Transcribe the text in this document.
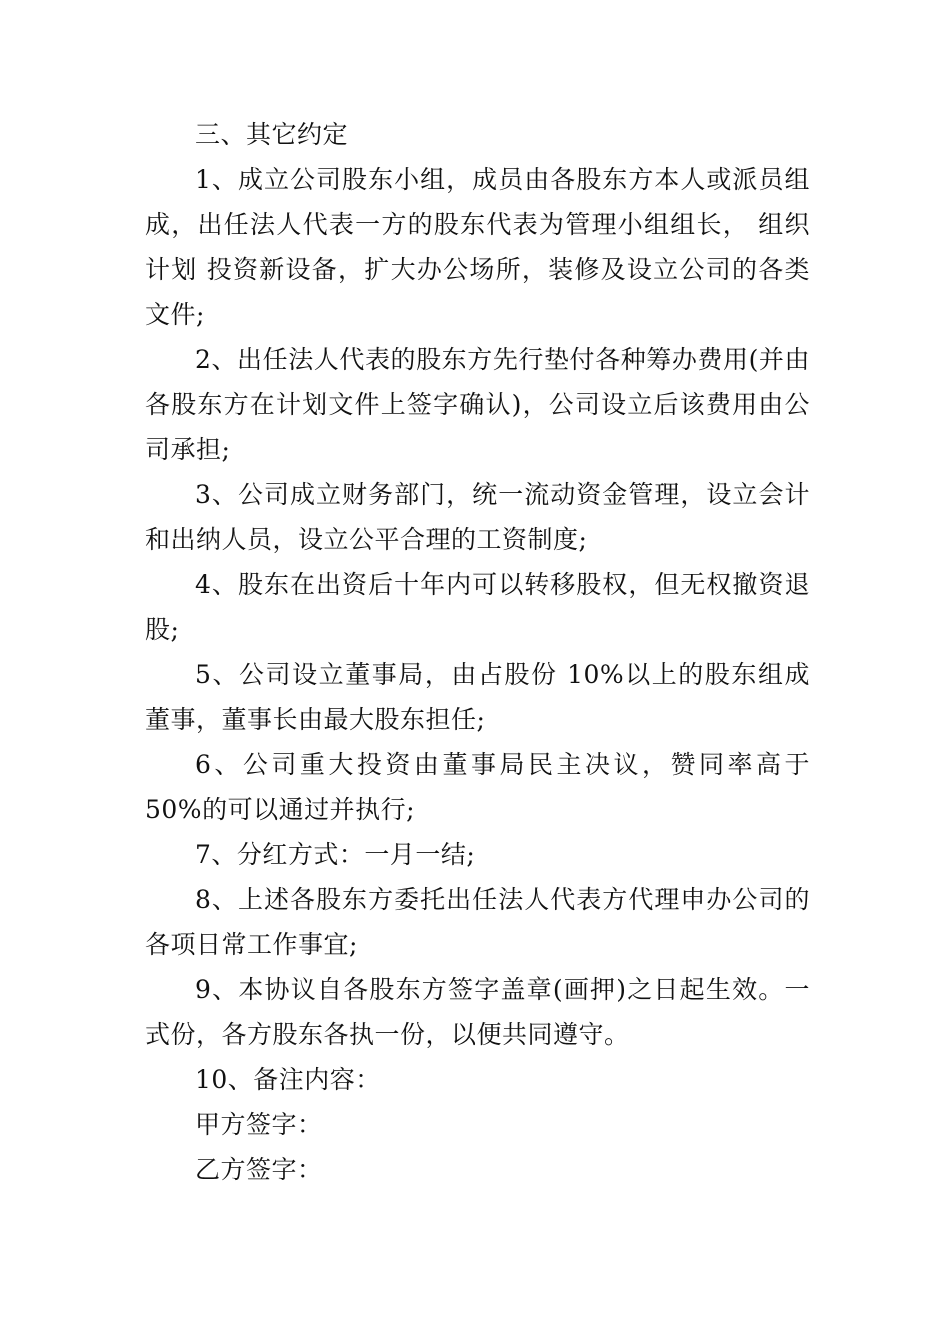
三、其它约定

1、成立公司股东小组，成员由各股东方本人或派员组成，出任法人代表一方的股东代表为管理小组组长， 组织计划 投资新设备，扩大办公场所，装修及设立公司的各类文件;

2、出任法人代表的股东方先行垫付各种筹办费用(并由各股东方在计划文件上签字确认)，公司设立后该费用由公司承担;

3、公司成立财务部门，统一流动资金管理，设立会计和出纳人员，设立公平合理的工资制度;

4、股东在出资后十年内可以转移股权，但无权撤资退股;

5、公司设立董事局，由占股份 10%以上的股东组成董事，董事长由最大股东担任;

6、公司重大投资由董事局民主决议，赞同率高于 50%的可以通过并执行;

7、分红方式：一月一结;

8、上述各股东方委托出任法人代表方代理申办公司的各项日常工作事宜;

9、本协议自各股东方签字盖章(画押)之日起生效。一式份，各方股东各执一份，以便共同遵守。

10、备注内容：

甲方签字：

乙方签字：
